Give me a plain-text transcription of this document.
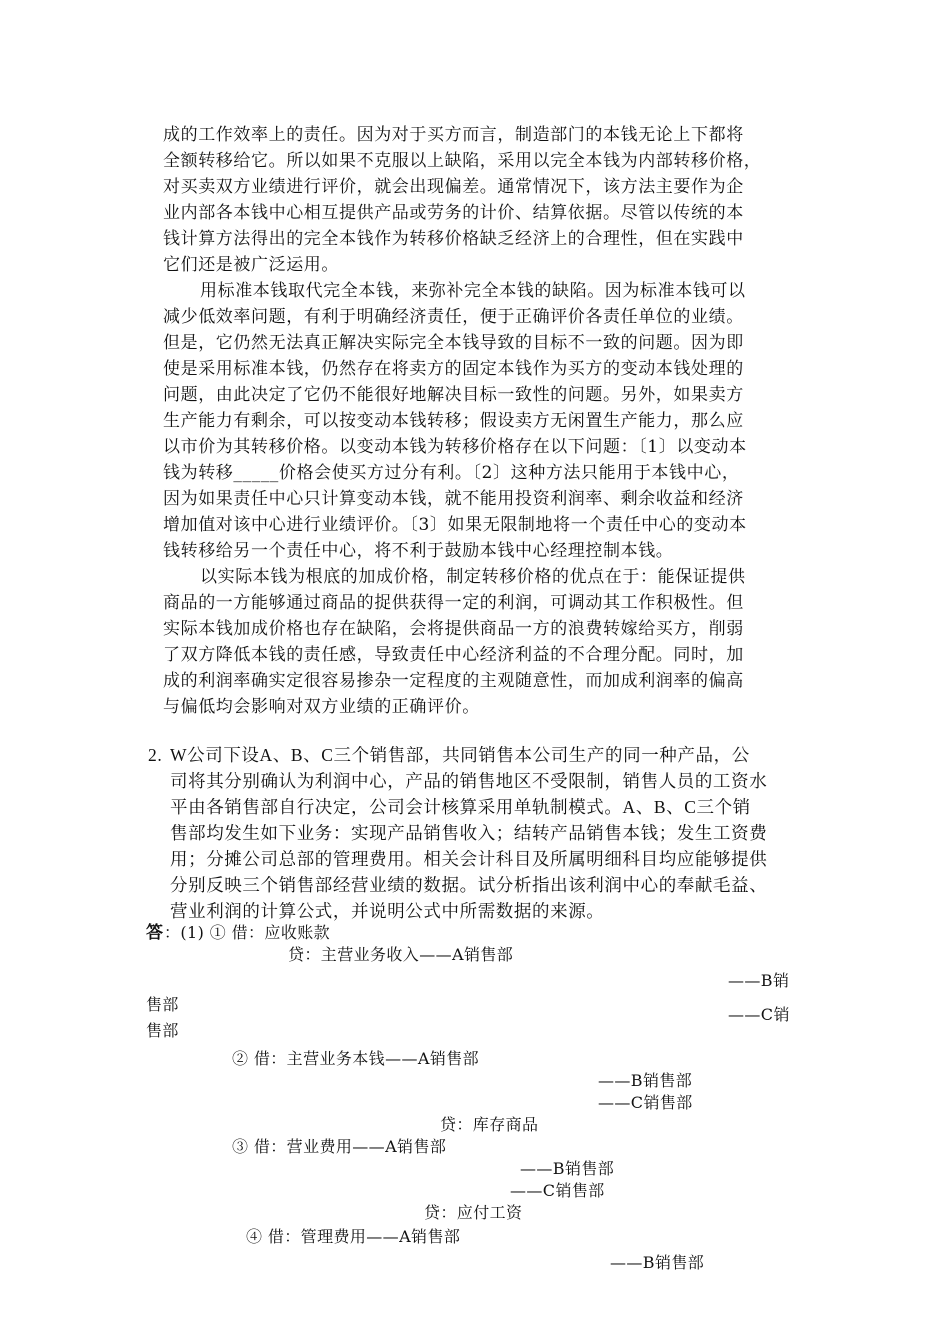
成的工作效率上的责任。因为对于买方而言，制造部门的本钱无论上下都将
全额转移给它。所以如果不克服以上缺陷，采用以完全本钱为内部转移价格，
对买卖双方业绩进行评价，就会出现偏差。通常情况下，该方法主要作为企
业内部各本钱中心相互提供产品或劳务的计价、结算依据。尽管以传统的本
钱计算方法得出的完全本钱作为转移价格缺乏经济上的合理性，但在实践中
它们还是被广泛运用。
用标准本钱取代完全本钱，来弥补完全本钱的缺陷。因为标准本钱可以
减少低效率问题，有利于明确经济责任，便于正确评价各责任单位的业绩。
但是，它仍然无法真正解决实际完全本钱导致的目标不一致的问题。因为即
使是采用标准本钱，仍然存在将卖方的固定本钱作为买方的变动本钱处理的
问题，由此决定了它仍不能很好地解决目标一致性的问题。另外，如果卖方
生产能力有剩余，可以按变动本钱转移；假设卖方无闲置生产能力，那么应
以市价为其转移价格。以变动本钱为转移价格存在以下问题：〔1〕以变动本
钱为转移_____价格会使买方过分有利。〔2〕这种方法只能用于本钱中心，
因为如果责任中心只计算变动本钱，就不能用投资利润率、剩余收益和经济
增加值对该中心进行业绩评价。〔3〕如果无限制地将一个责任中心的变动本
钱转移给另一个责任中心，将不利于鼓励本钱中心经理控制本钱。
以实际本钱为根底的加成价格，制定转移价格的优点在于：能保证提供
商品的一方能够通过商品的捉供获得一定的利润，可调动其工作积极性。但
实际本钱加成价格也存在缺陷，会将提供商品一方的浪费转嫁给买方，削弱
了双方降低本钱的责任感，导致责任中心经济利益的不合理分配。同时，加
成的利润率确实定很容易掺杂一定程度的主观随意性，而加成利润率的偏高
与偏低均会影响对双方业绩的正确评价。
2. W公司下设A、B、C三个销售部，共同销售本公司生产的同一种产品，公
司将其分别确认为利润中心，产品的销售地区不受限制，销售人员的工资水
平由各销售部自行决定，公司会计核算采用单轨制模式。A、B、C三个销
售部均发生如下业务：实现产品销售收入；结转产品销售本钱；发生工资费
用；分摊公司总部的管理费用。相关会计科目及所属明细科目均应能够提供
分别反映三个销售部经营业绩的数据。试分析指出该利润中心的奉献毛益、
营业利润的计算公式，并说明公式中所需数据的来源。
答 ：(1) ① 借：应收账款
贷：主营业务收入——A销售部
——B销
售部
——C销
售部
② 借：主营业务本钱——A销售部
——B销售部
——C销售部
贷：库存商品
③ 借：营业费用——A销售部
——B销售部
——C销售部
贷：应付工资
④ 借：管理费用——A销售部
——B销售部
